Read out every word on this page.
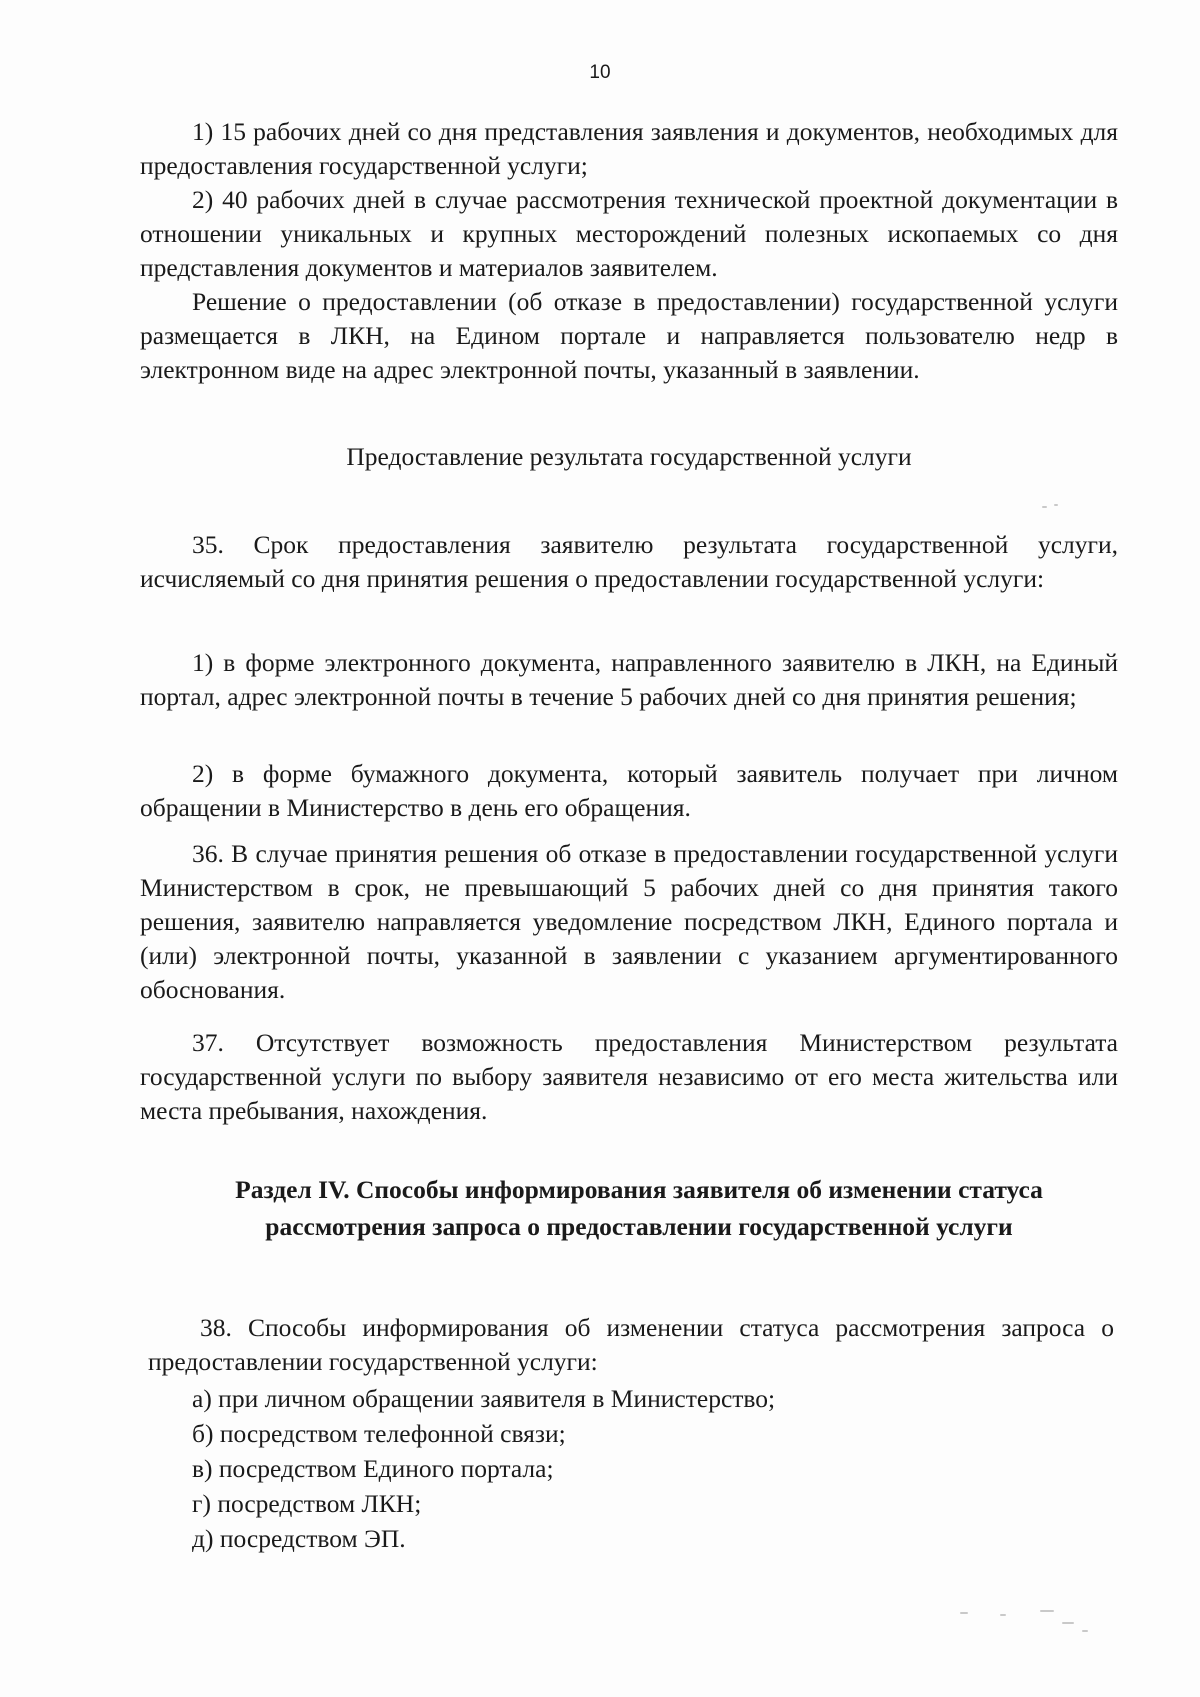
10

1) 15 рабочих дней со дня представления заявления и документов, необходимых для предоставления государственной услуги;

2) 40 рабочих дней в случае рассмотрения технической проектной документации в отношении уникальных и крупных месторождений полезных ископаемых со дня представления документов и материалов заявителем.

Решение о предоставлении (об отказе в предоставлении) государственной услуги размещается в ЛКН, на Едином портале и направляется пользователю недр в электронном виде на адрес электронной почты, указанный в заявлении.

Предоставление результата государственной услуги

35. Срок предоставления заявителю результата государственной услуги, исчисляемый со дня принятия решения о предоставлении государственной услуги:

1) в форме электронного документа, направленного заявителю в ЛКН, на Единый портал, адрес электронной почты в течение 5 рабочих дней со дня принятия решения;

2) в форме бумажного документа, который заявитель получает при личном обращении в Министерство в день его обращения.

36. В случае принятия решения об отказе в предоставлении государственной услуги Министерством в срок, не превышающий 5 рабочих дней со дня принятия такого решения, заявителю направляется уведомление посредством ЛКН, Единого портала и (или) электронной почты, указанной в заявлении с указанием аргументированного обоснования.

37. Отсутствует возможность предоставления Министерством результата государственной услуги по выбору заявителя независимо от его места жительства или места пребывания, нахождения.

Раздел IV. Способы информирования заявителя об изменении статуса
рассмотрения запроса о предоставлении государственной услуги

38. Способы информирования об изменении статуса рассмотрения запроса о предоставлении государственной услуги:

а) при личном обращении заявителя в Министерство;
б) посредством телефонной связи;
в) посредством Единого портала;
г) посредством ЛКН;
д) посредством ЭП.
